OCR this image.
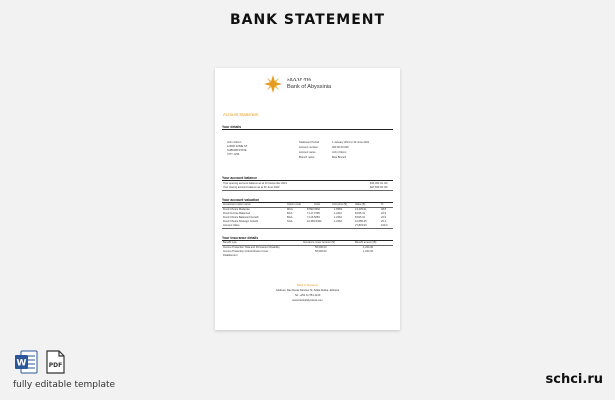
BANK STATEMENT
አቢሲንያ ባንክ
Bank of Abyssinia
Account Statement
Your details
John Citizen
1/4000 SOME ST,
SUBURB STATE
CITY 1234
Statement Period	1 January 2021 to 30 June 2021
Account number	000 00 00 000
Account name	John Citizen
Branch name	Bole Branch
Your account balance
Your opening account balance as at 31 December 2021	$41,361.91 CR
Your closing account balance as at 30 June 2022	$27,833.93 CR
Your account valuation
Investment option name	Option code	Units	Unit price ($)	Value ($)	%
Fixed Choice Moderate	MCA	8,593.9362	1.6569	13,235.61	48.8
Fixed Income Balanced	BCA	7,117.0796	1.2210	8,815.31	22.9
Fixed Choice Balanced Growth	BGA	7,116.5083	1.2262	8,815.31	22.9
Fixed Choice Strategic Growth	SGA	10,384.5492	1.2262	12,685.25	20.1
Account Value	27,833.93	100.0
Your insurance details
Benefit type	Insurance cover amount ($)	Benefit amount ($)
Income Protection Total and Permanent Disability	50,000.00	1,234.00
Income Protection Critical Illness Cover	50,000.00	1,234.00
Disablement
Bank of Abyssinia
Address: Ras Desta Damtew St, Addis Ababa, Ethiopia
Tel: +251 11 551 4130
www.bankofabyssinia.com
W	PDF
fully editable template	schci.ru
